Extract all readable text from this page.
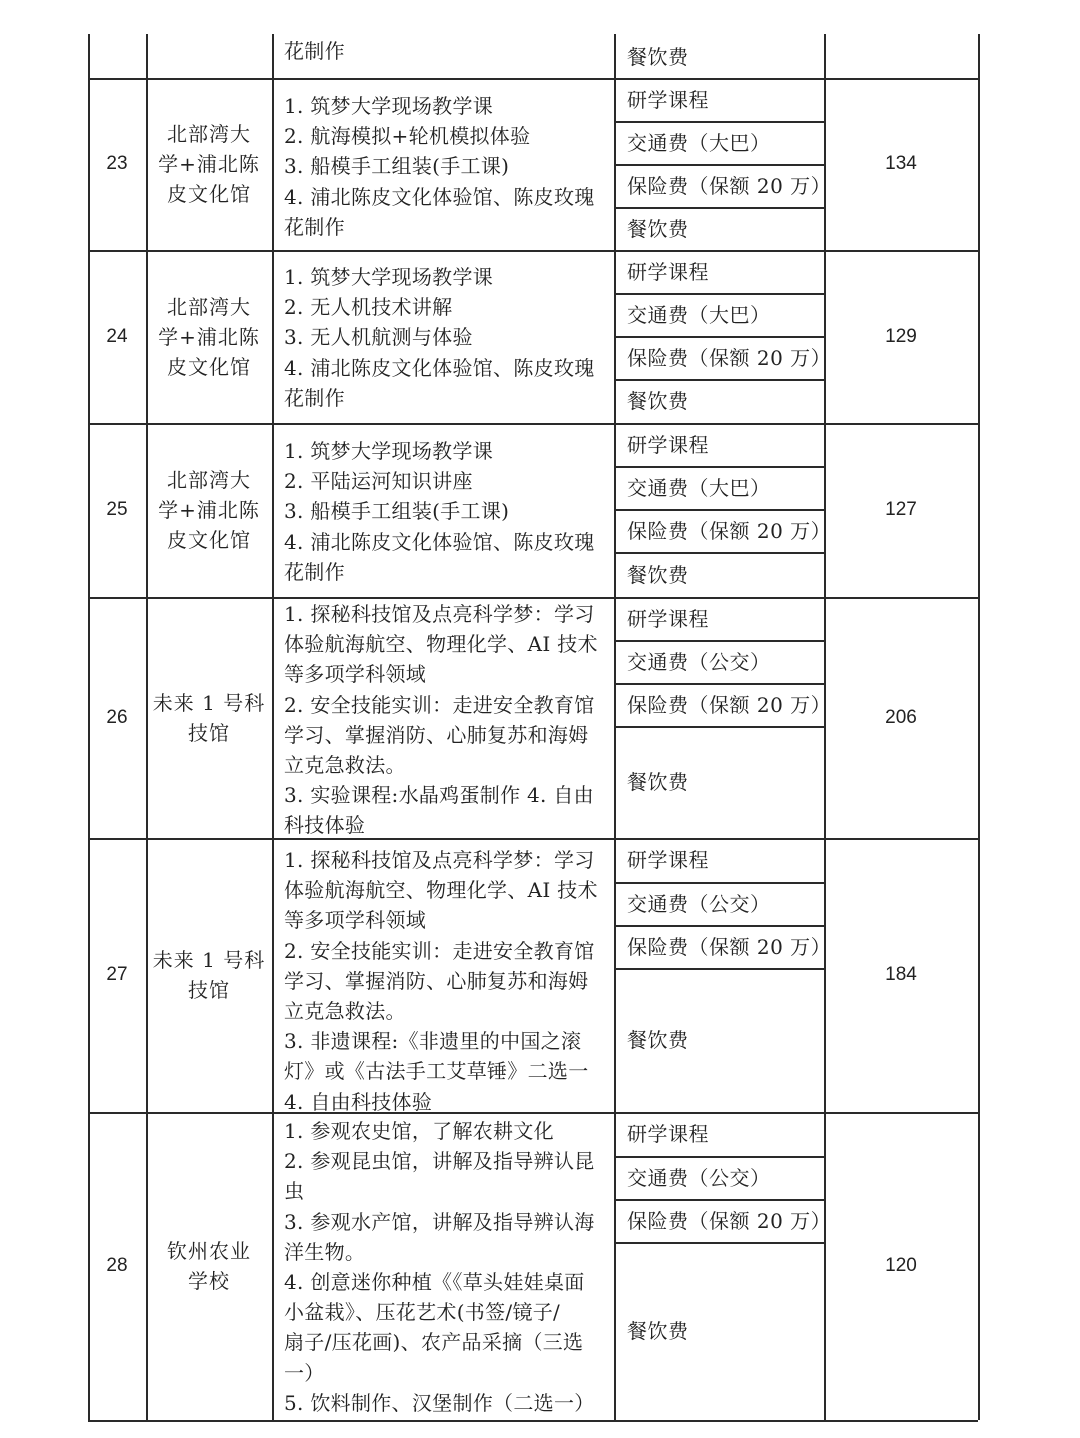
花制作	餐饮费
23
北部湾大
学+浦北陈
皮文化馆
1. 筑梦大学现场教学课
2. 航海模拟+轮机模拟体验
3. 船模手工组装(手工课)
4. 浦北陈皮文化体验馆、陈皮玫瑰
花制作
研学课程
交通费（大巴）
保险费（保额 20 万）
餐饮费
134
24
北部湾大
学+浦北陈
皮文化馆
1. 筑梦大学现场教学课
2. 无人机技术讲解
3. 无人机航测与体验
4. 浦北陈皮文化体验馆、陈皮玫瑰
花制作
研学课程
交通费（大巴）
保险费（保额 20 万）
餐饮费
129
25
北部湾大
学+浦北陈
皮文化馆
1. 筑梦大学现场教学课
2. 平陆运河知识讲座
3. 船模手工组装(手工课)
4. 浦北陈皮文化体验馆、陈皮玫瑰
花制作
研学课程
交通费（大巴）
保险费（保额 20 万）
餐饮费
127
26
未来 1 号科
技馆
1. 探秘科技馆及点亮科学梦：学习
体验航海航空、物理化学、AI 技术
等多项学科领域
2. 安全技能实训：走进安全教育馆
学习、掌握消防、心肺复苏和海姆
立克急救法。
3. 实验课程:水晶鸡蛋制作 4. 自由
科技体验
研学课程
交通费（公交）
保险费（保额 20 万）
餐饮费
206
27
未来 1 号科
技馆
1. 探秘科技馆及点亮科学梦：学习
体验航海航空、物理化学、AI 技术
等多项学科领域
2. 安全技能实训：走进安全教育馆
学习、掌握消防、心肺复苏和海姆
立克急救法。
3. 非遗课程:《非遗里的中国之滚
灯》或《古法手工艾草锤》二选一
4. 自由科技体验
研学课程
交通费（公交）
保险费（保额 20 万）
餐饮费
184
28
钦州农业
学校
1. 参观农史馆，了解农耕文化
2. 参观昆虫馆，讲解及指导辨认昆
虫
3. 参观水产馆，讲解及指导辨认海
洋生物。
4. 创意迷你种植《《草头娃娃桌面
小盆栽》、压花艺术(书签/镜子/
扇子/压花画)、农产品采摘（三选
一）
5. 饮料制作、汉堡制作（二选一）
研学课程
交通费（公交）
保险费（保额 20 万）
餐饮费
120
